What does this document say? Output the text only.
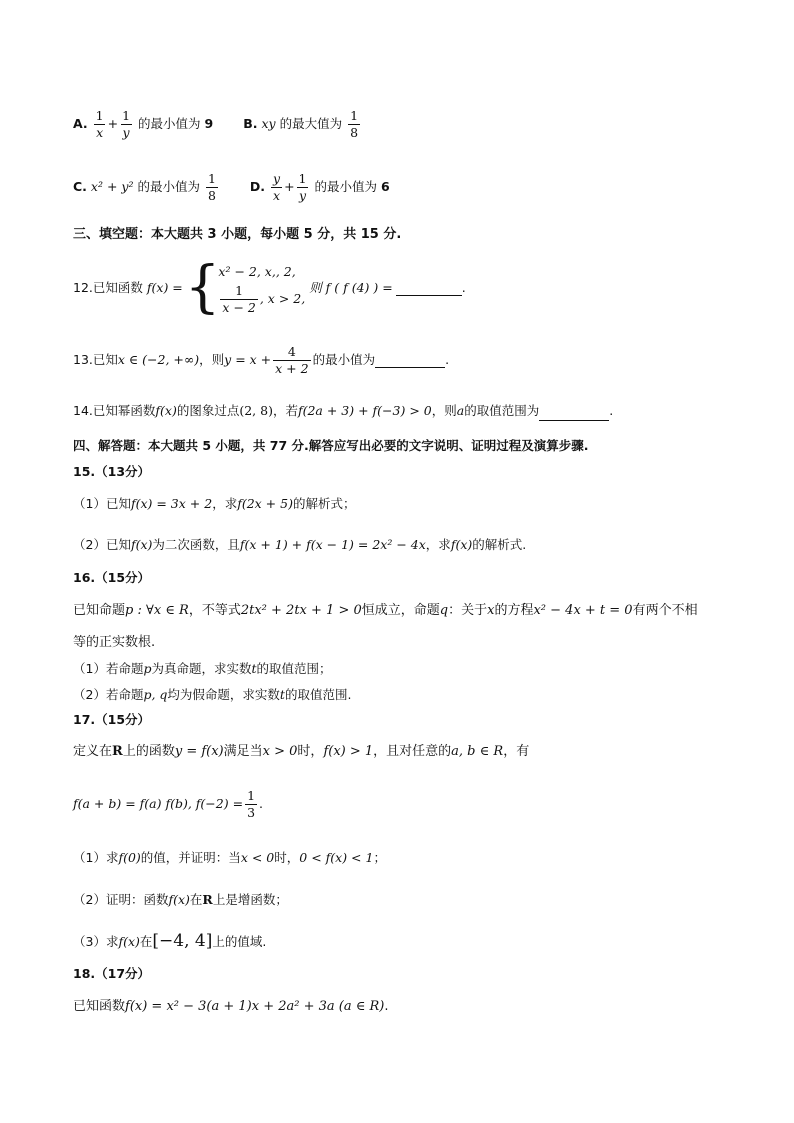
A. $\frac{1}{x} + \frac{1}{y}$ 的最小值为 9 B. xy 的最大值为 $\frac{1}{8}$
C. x² + y² 的最小值为 $\frac{1}{8}$	D. $\frac{y}{x} + \frac{1}{y}$ 的最小值为 6
三、填空题：本大题共 3 小题，每小题 5 分，共 15 分.
12.已知函数 f(x) = {
x² − 2, x,, 2,
$\frac{1}{x - 2}$ , x > 2,
则 f ( f (4) ) =	.
13.已知 x ∈ (−2, +∞) ，则 $y = x + \frac{4}{x + 2}$ 的最小值为	.
14.已知幂函数f(x)的图象过点(2, 8)，若f(2a + 3) + f(−3) > 0，则a的取值范围为	.
四、解答题：本大题共 5 小题，共 77 分.解答应写出必要的文字说明、证明过程及演算步骤.
15.（13分）
（1）已知f(x) = 3x + 2，求f(2x + 5)的解析式；
（2）已知f(x)为二次函数，且f(x + 1) + f(x − 1) = 2x² − 4x，求f(x)的解析式.
16.（15分）
已知命题p : ∀x ∈ R，不等式2tx² + 2tx + 1 > 0恒成立，命题q：关于x的方程x² − 4x + t = 0有两个不相
等的正实数根.
（1）若命题p为真命题，求实数t的取值范围；
（2）若命题p, q均为假命题，求实数t的取值范围.
17.（15分）
定义在R上的函数y = f(x)满足当x > 0时，f(x) > 1，且对任意的a, b ∈ R，有
f(a + b) = f(a) f(b), $f(-2) = \frac{1}{3}$ .
（1）求f(0)的值，并证明：当x < 0时，0 < f(x) < 1；
（2）证明：函数f(x)在R上是增函数；
（3）求f(x)在[−4, 4]上的值域.
18.（17分）
已知函数f(x) = x² − 3(a + 1)x + 2a² + 3a (a ∈ R).
